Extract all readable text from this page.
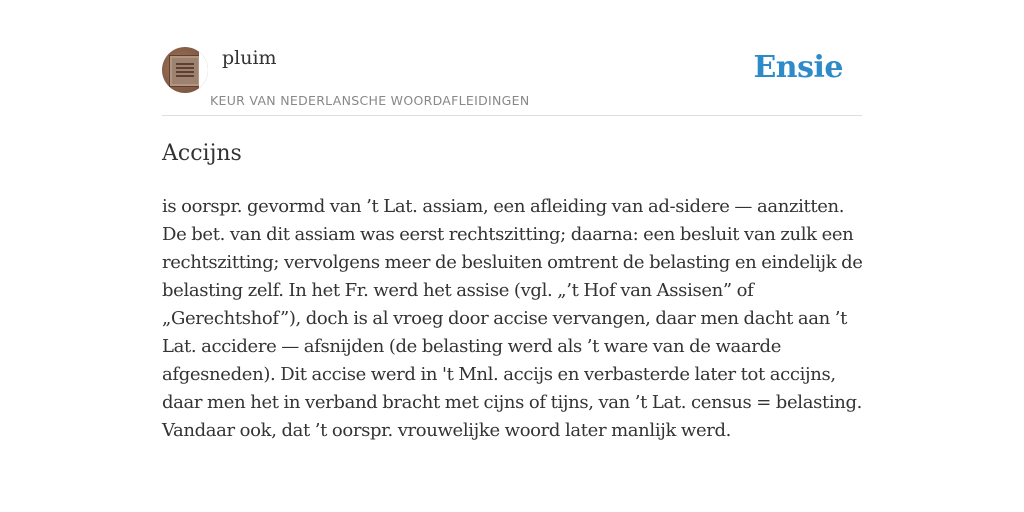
pluim
KEUR VAN NEDERLANSCHE WOORDAFLEIDINGEN
Ensie
Accijns

is oorspr. gevormd van ’t Lat. assiam, een afleiding van ad-sidere — aanzitten. De bet. van dit assiam was eerst rechtszitting; daarna: een besluit van zulk een rechtszitting; vervolgens meer de besluiten omtrent de belasting en eindelijk de belasting zelf. In het Fr. werd het assise (vgl. „’t Hof van Assisen” of „Gerechtshof”), doch is al vroeg door accise vervangen, daar men dacht aan ’t Lat. accidere — afsnijden (de belasting werd als ’t ware van de waarde afgesneden). Dit accise werd in 't Mnl. accijs en verbasterde later tot accijns, daar men het in verband bracht met cijns of tijns, van ’t Lat. census = belasting. Vandaar ook, dat ’t oorspr. vrouwelijke woord later manlijk werd.
